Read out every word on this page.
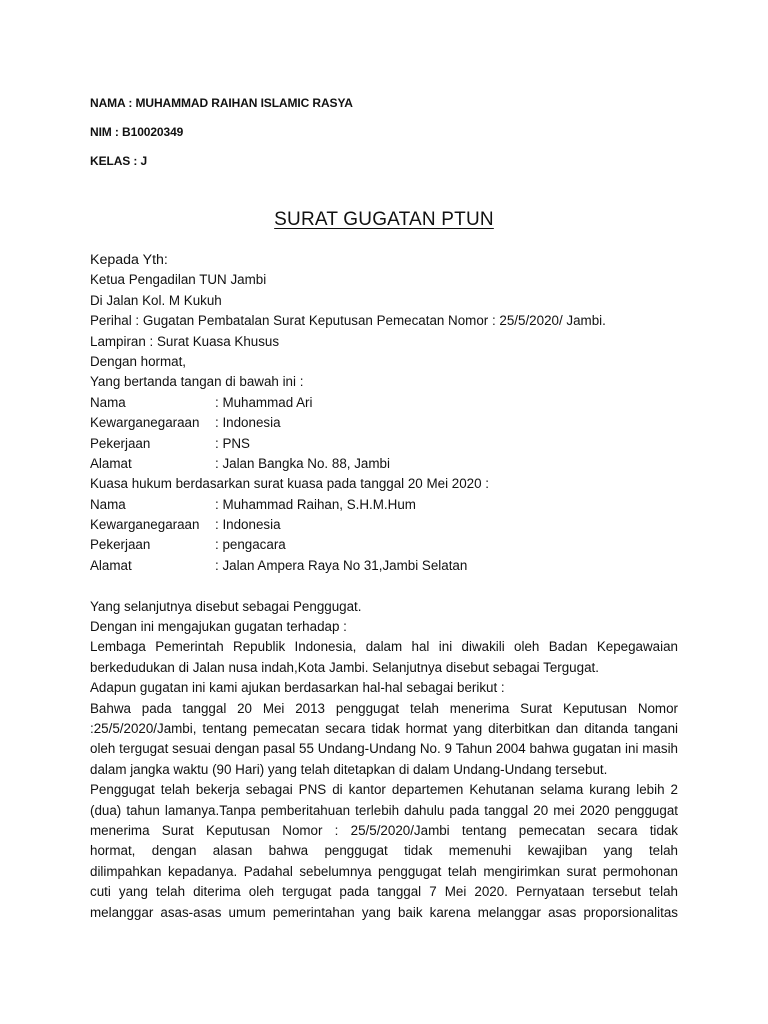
NAMA : MUHAMMAD RAIHAN ISLAMIC RASYA
NIM : B10020349
KELAS : J
SURAT GUGATAN PTUN
Kepada Yth:
Ketua Pengadilan TUN Jambi
Di Jalan Kol. M Kukuh
Perihal : Gugatan Pembatalan Surat Keputusan Pemecatan Nomor : 25/5/2020/ Jambi.
Lampiran : Surat Kuasa Khusus
Dengan hormat,
Yang bertanda tangan di bawah ini :
Nama	: Muhammad Ari
Kewarganegaraan	: Indonesia
Pekerjaan	: PNS
Alamat	: Jalan Bangka No. 88, Jambi
Kuasa hukum berdasarkan surat kuasa pada tanggal 20 Mei 2020 :
Nama	: Muhammad Raihan, S.H.M.Hum
Kewarganegaraan	: Indonesia
Pekerjaan	: pengacara
Alamat	: Jalan Ampera Raya No 31,Jambi Selatan
Yang selanjutnya disebut sebagai Penggugat.
Dengan ini mengajukan gugatan terhadap :
Lembaga Pemerintah Republik Indonesia, dalam hal ini diwakili oleh Badan Kepegawaian
berkedudukan di Jalan nusa indah,Kota Jambi. Selanjutnya disebut sebagai Tergugat.
Adapun gugatan ini kami ajukan berdasarkan hal-hal sebagai berikut :
Bahwa pada tanggal 20 Mei 2013 penggugat telah menerima Surat Keputusan Nomor
:25/5/2020/Jambi, tentang pemecatan secara tidak hormat yang diterbitkan dan ditanda tangani
oleh tergugat sesuai dengan pasal 55 Undang-Undang No. 9 Tahun 2004 bahwa gugatan ini masih
dalam jangka waktu (90 Hari) yang telah ditetapkan di dalam Undang-Undang tersebut.
Penggugat telah bekerja sebagai PNS di kantor departemen Kehutanan selama kurang lebih 2
(dua) tahun lamanya.Tanpa pemberitahuan terlebih dahulu pada tanggal 20 mei 2020 penggugat
menerima Surat Keputusan Nomor : 25/5/2020/Jambi tentang pemecatan secara tidak
hormat, dengan alasan bahwa penggugat tidak memenuhi kewajiban yang telah
dilimpahkan kepadanya. Padahal sebelumnya penggugat telah mengirimkan surat permohonan
cuti yang telah diterima oleh tergugat pada tanggal 7 Mei 2020. Pernyataan tersebut telah
melanggar asas-asas umum pemerintahan yang baik karena melanggar asas proporsionalitas
